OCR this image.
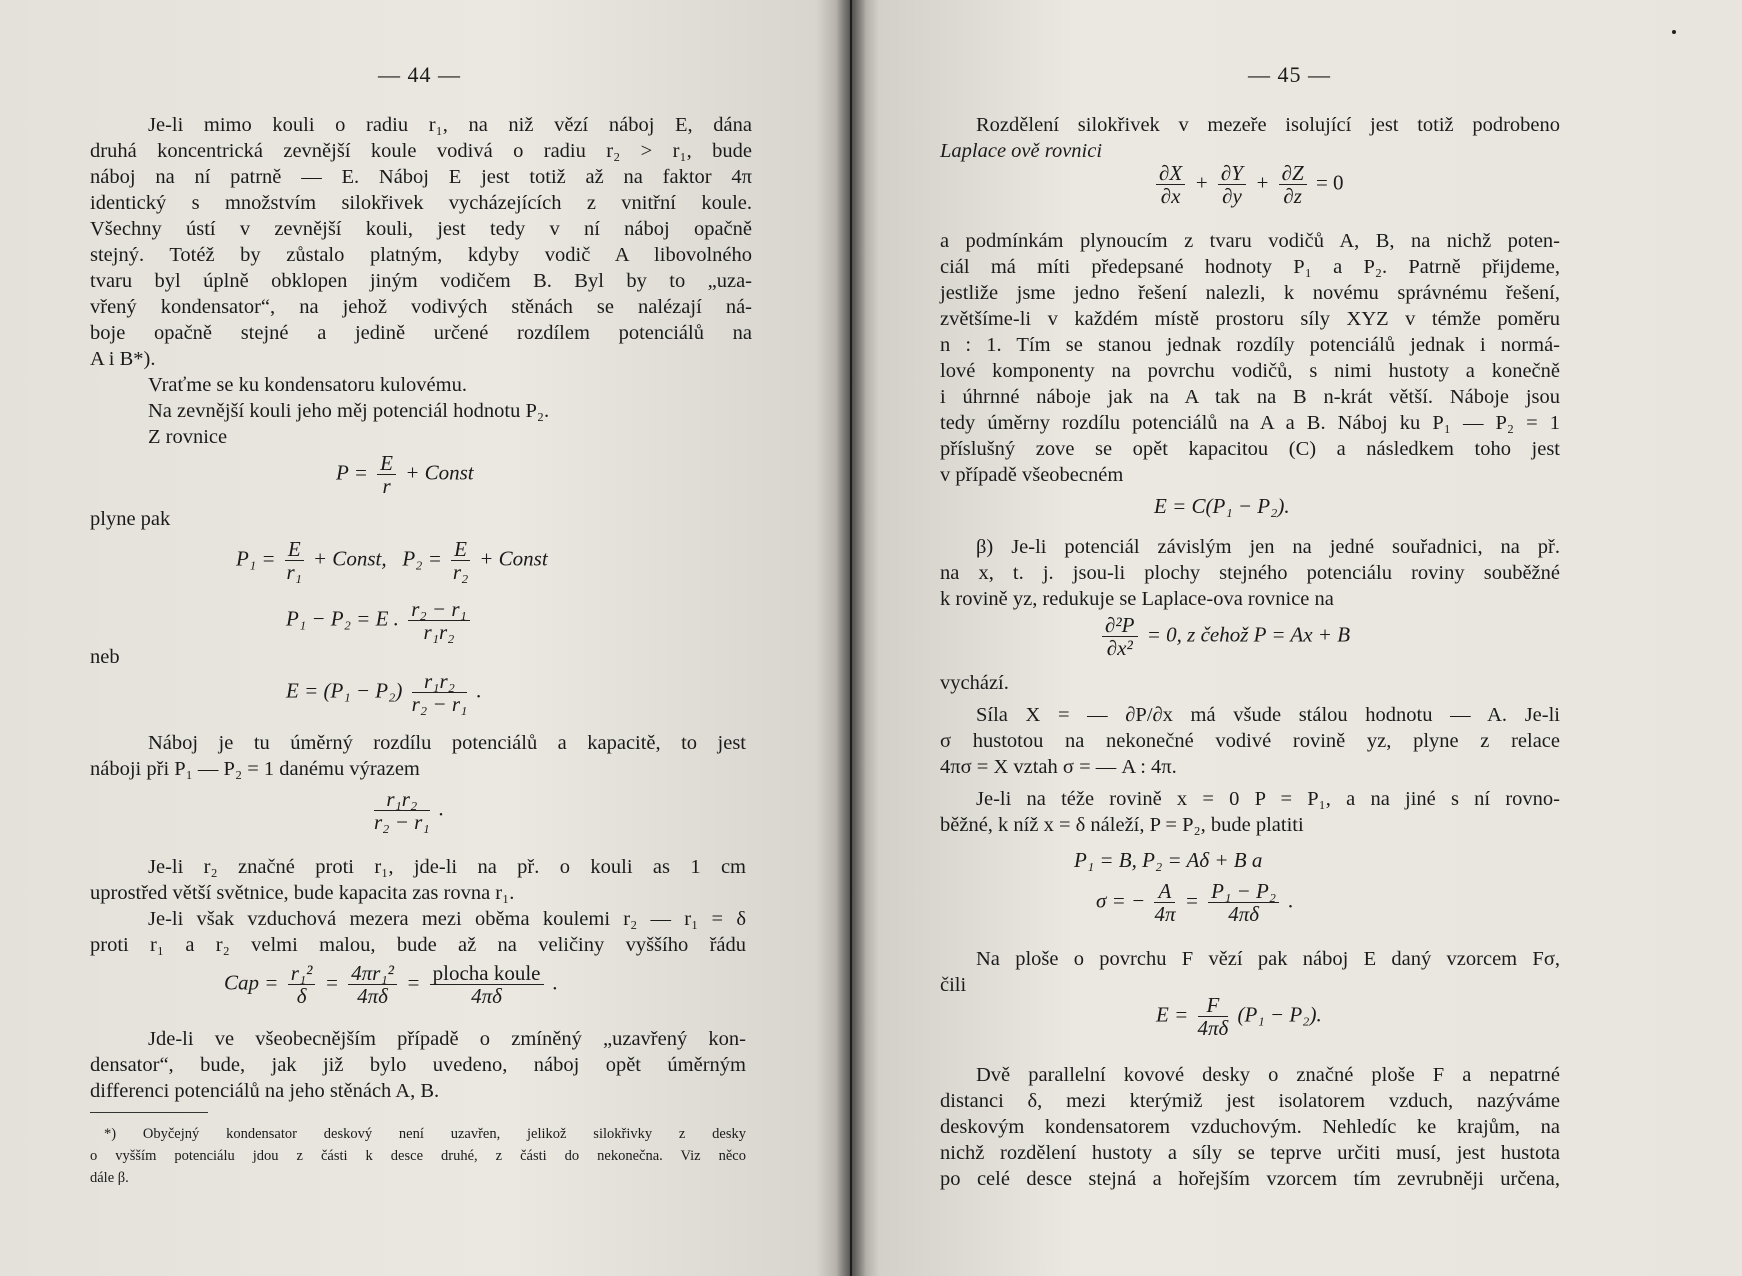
— 44 —
Je-li mimo kouli o radiu r₁, na niž vězí náboj E, dána
druhá koncentrická zevnější koule vodivá o radiu r₂ > r₁, bude
náboj na ní patrně — E. Náboj E jest totiž až na faktor 4π
identický s množstvím silokřivek vycházejících z vnitřní koule.
Všechny ústí v zevnější kouli, jest tedy v ní náboj opačně
stejný. Totéž by zůstalo platným, kdyby vodič A libovolného
tvaru byl úplně obklopen jiným vodičem B. Byl by to „uza-
vřený kondensator“, na jehož vodivých stěnách se nalézají ná-
boje opačně stejné a jedině určené rozdílem potenciálů na
A i B*).
Vraťme se ku kondensatoru kulovému.
Na zevnější kouli jeho měj potenciál hodnotu P₂.
Z rovnice
$P = \frac{E}{r}$ + Const
plyne pak
$P_1 = \frac{E}{\text{r₁}}$ + Const, $P_2 = \frac{E}{\text{r₂}}$ + Const
P₁ − P₂ = E . $\frac{\text{r₂ − r₁}}{\text{r₁r₂}}$
neb
$E = (P_1 - P_2) \frac{\text{r₁r₂}}{\text{r₂ − r₁}}$ .
Náboj je tu úměrný rozdílu potenciálů a kapacitě, to jest
náboji při P₁ — P₂ = 1 danému výrazem
$\frac{\text{r₁r₂}}{\text{r₂ − r₁}}$ .
Je-li r₂ značné proti r₁, jde-li na př. o kouli as 1 cm
uprostřed větší světnice, bude kapacita zas rovna r₁.
Je-li však vzduchová mezera mezi oběma koulemi r₂ — r₁ = δ
proti r₁ a r₂ velmi malou, bude až na veličiny vyššího řádu
Cap = $\frac{\text{r₁²}}{\delta} = \frac{\text{4πr₁²}}{4\pi\delta} = \frac{\text{plocha koule}}{4\pi\delta}$ .
Jde-li ve všeobecnějším případě o zmíněný „uzavřený kon-
densator“, bude, jak již bylo uvedeno, náboj opět úměrným
differenci potenciálů na jeho stěnách A, B.
*) Obyčejný kondensator deskový není uzavřen, jelikož silokřivky z desky
o vyšším potenciálu jdou z části k desce druhé, z části do nekonečna. Viz něco
dále β.
— 45 —
Rozdělení silokřivek v mezeře isolující jest totiž podrobeno
Laplace ově rovnici
$\frac{\partial X}{\partial x} + \frac{\partial Y}{\partial y} + \frac{\partial Z}{\partial z} = 0$
a podmínkám plynoucím z tvaru vodičů A, B, na nichž poten-
ciál má míti předepsané hodnoty P₁ a P₂. Patrně přijdeme,
jestliže jsme jedno řešení nalezli, k novému správnému řešení,
zvětšíme-li v každém místě prostoru síly XYZ v témže poměru
n : 1. Tím se stanou jednak rozdíly potenciálů jednak i normá-
lové komponenty na povrchu vodičů, s nimi hustoty a konečně
i úhrnné náboje jak na A tak na B n-krát větší. Náboje jsou
tedy úměrny rozdílu potenciálů na A a B. Náboj ku P₁ — P₂ = 1
příslušný zove se opět kapacitou (C) a následkem toho jest
v případě všeobecném
E = C(P₁ − P₂).
β) Je-li potenciál závislým jen na jedné souřadnici, na př.
na x, t. j. jsou-li plochy stejného potenciálu roviny souběžné
k rovině yz, redukuje se Laplace-ova rovnice na
$\frac{\text{∂²P}}{\text{∂x²}} = 0$, z čehož P = Ax + B
vychází.
Síla X = — ∂P/∂x má všude stálou hodnotu — A. Je-li
σ hustotou na nekonečné vodivé rovině yz, plyne z relace
4πσ = X vztah σ = — A : 4π.
Je-li na téže rovině x = 0 P = P₁, a na jiné s ní rovno-
běžné, k níž x = δ náleží, P = P₂, bude platiti
P₁ = B, P₂ = Aδ + B a
σ = − $\frac{A}{4\pi} = \frac{\text{P₁ − P₂}}{4\pi\delta}$ .
Na ploše o povrchu F vězí pak náboj E daný vzorcem Fσ,
čili
$E = \frac{F}{4\pi\delta} (P_1 - P_2)$.
Dvě parallelní kovové desky o značné ploše F a nepatrné
distanci δ, mezi kterýmiž jest isolatorem vzduch, nazýváme
deskovým kondensatorem vzduchovým. Nehledíc ke krajům, na
nichž rozdělení hustoty a síly se teprve určiti musí, jest hustota
po celé desce stejná a hořejším vzorcem tím zevrubněji určena,
